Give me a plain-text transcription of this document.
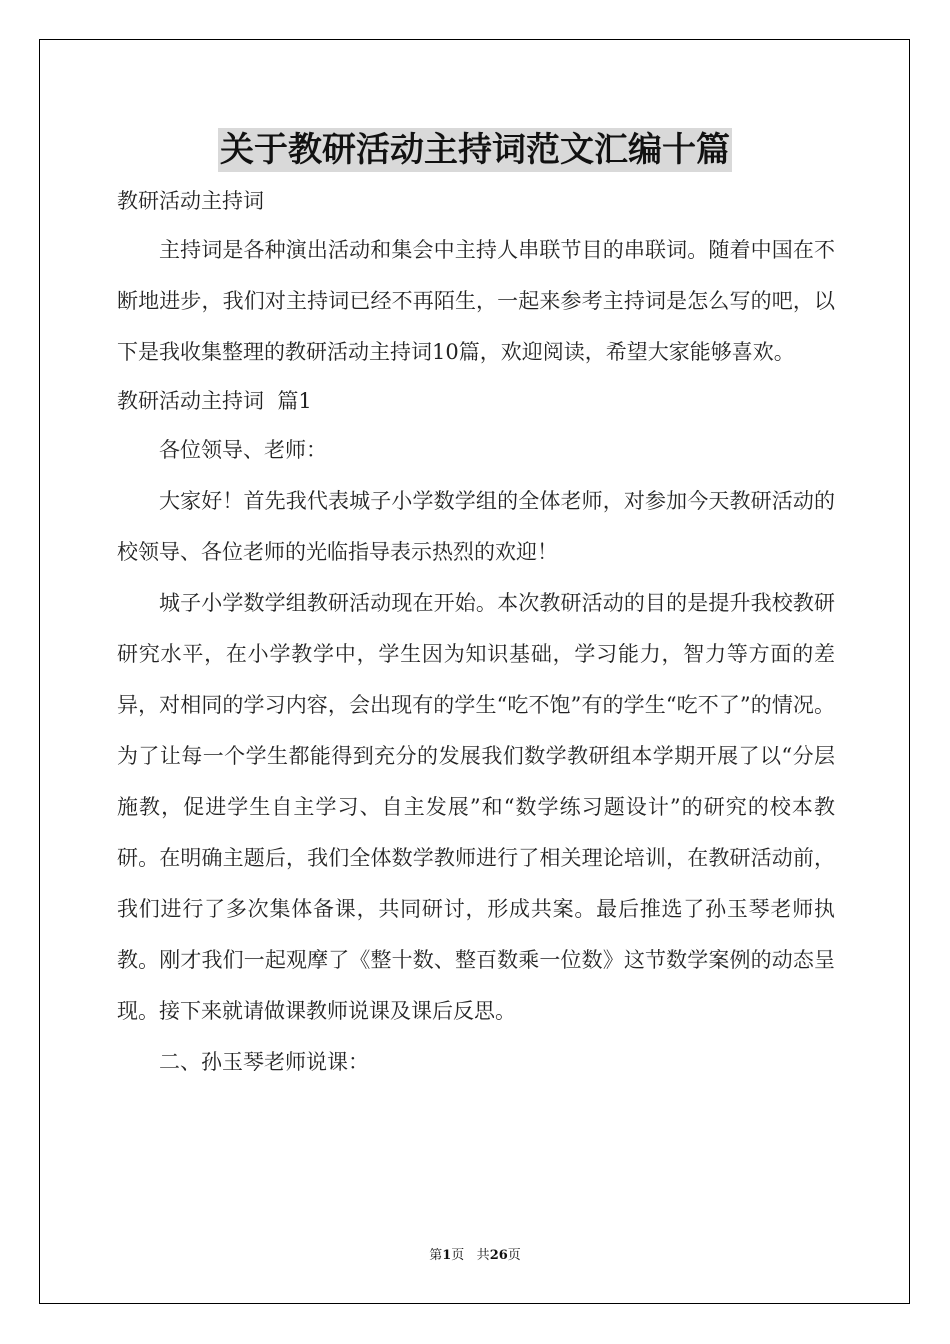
关于教研活动主持词范文汇编十篇

教研活动主持词

主持词是各种演出活动和集会中主持人串联节目的串联词。随着中国在不断地进步，我们对主持词已经不再陌生，一起来参考主持词是怎么写的吧，以下是我收集整理的教研活动主持词10篇，欢迎阅读，希望大家能够喜欢。

教研活动主持词  篇1

各位领导、老师：

大家好！首先我代表城子小学数学组的全体老师，对参加今天教研活动的校领导、各位老师的光临指导表示热烈的欢迎！

城子小学数学组教研活动现在开始。本次教研活动的目的是提升我校教研研究水平，在小学教学中，学生因为知识基础，学习能力，智力等方面的差异，对相同的学习内容，会出现有的学生“吃不饱”有的学生“吃不了”的情况。为了让每一个学生都能得到充分的发展我们数学教研组本学期开展了以“分层施教，促进学生自主学习、自主发展”和“数学练习题设计”的研究的校本教研。在明确主题后，我们全体数学教师进行了相关理论培训，在教研活动前，我们进行了多次集体备课，共同研讨，形成共案。最后推选了孙玉琴老师执教。刚才我们一起观摩了《整十数、整百数乘一位数》这节数学案例的动态呈现。接下来就请做课教师说课及课后反思。

二、孙玉琴老师说课：

第1页 共26页
